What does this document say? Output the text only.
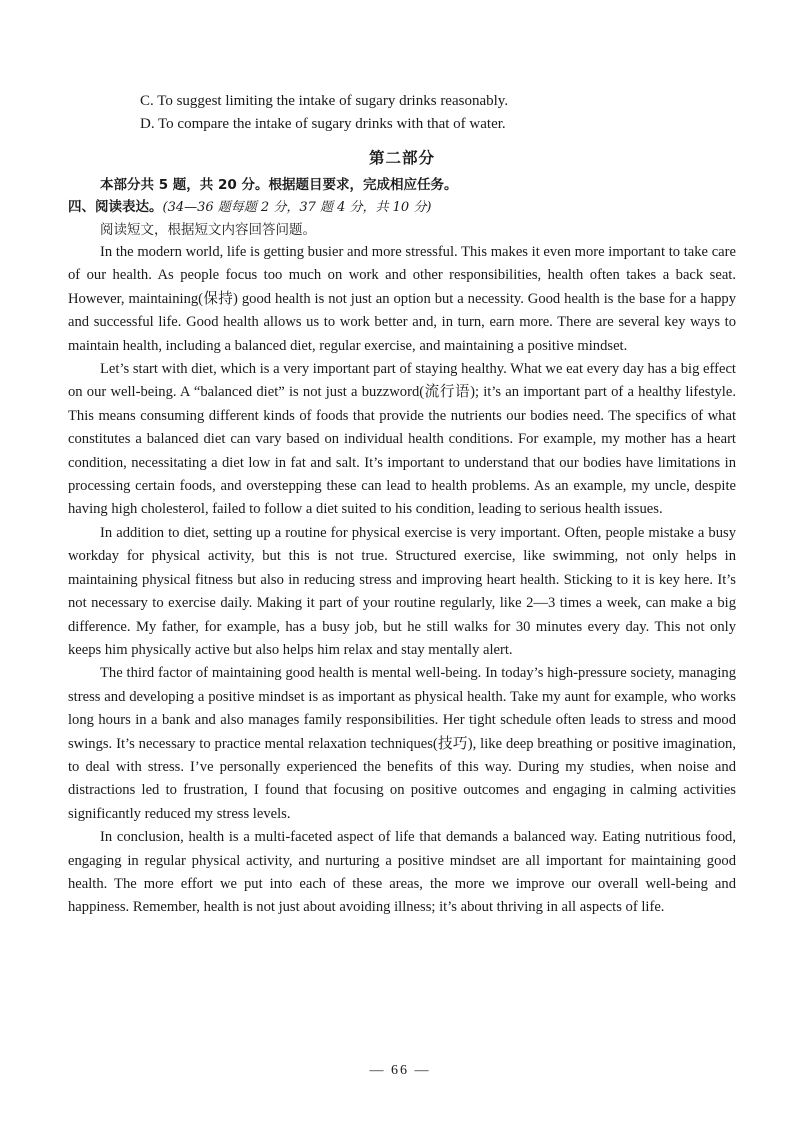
C. To suggest limiting the intake of sugary drinks reasonably.
D. To compare the intake of sugary drinks with that of water.
第二部分
本部分共 5 题，共 20 分。根据题目要求，完成相应任务。
四、阅读表达。(34—36 题每题 2 分，37 题 4 分，共 10 分)
阅读短文，根据短文内容回答问题。

In the modern world, life is getting busier and more stressful. This makes it even more important to take care of our health. As people focus too much on work and other responsibilities, health often takes a back seat. However, maintaining(保持) good health is not just an option but a necessity. Good health is the base for a happy and successful life. Good health allows us to work better and, in turn, earn more. There are several key ways to maintain health, including a balanced diet, regular exercise, and maintaining a positive mindset.

Let’s start with diet, which is a very important part of staying healthy. What we eat every day has a big effect on our well-being. A “balanced diet” is not just a buzzword(流行语); it’s an important part of a healthy lifestyle. This means consuming different kinds of foods that provide the nutrients our bodies need. The specifics of what constitutes a balanced diet can vary based on individual health conditions. For example, my mother has a heart condition, necessitating a diet low in fat and salt. It’s important to understand that our bodies have limitations in processing certain foods, and overstepping these can lead to health problems. As an example, my uncle, despite having high cholesterol, failed to follow a diet suited to his condition, leading to serious health issues.

In addition to diet, setting up a routine for physical exercise is very important. Often, people mistake a busy workday for physical activity, but this is not true. Structured exercise, like swimming, not only helps in maintaining physical fitness but also in reducing stress and improving heart health. Sticking to it is key here. It’s not necessary to exercise daily. Making it part of your routine regularly, like 2—3 times a week, can make a big difference. My father, for example, has a busy job, but he still walks for 30 minutes every day. This not only keeps him physically active but also helps him relax and stay mentally alert.

The third factor of maintaining good health is mental well-being. In today’s high-pressure society, managing stress and developing a positive mindset is as important as physical health. Take my aunt for example, who works long hours in a bank and also manages family responsibilities. Her tight schedule often leads to stress and mood swings. It’s necessary to practice mental relaxation techniques(技巧), like deep breathing or positive imagination, to deal with stress. I’ve personally experienced the benefits of this way. During my studies, when noise and distractions led to frustration, I found that focusing on positive outcomes and engaging in calming activities significantly reduced my stress levels.

In conclusion, health is a multi-faceted aspect of life that demands a balanced way. Eating nutritious food, engaging in regular physical activity, and nurturing a positive mindset are all important for maintaining good health. The more effort we put into each of these areas, the more we improve our overall well-being and happiness. Remember, health is not just about avoiding illness; it’s about thriving in all aspects of life.

— 66 —
